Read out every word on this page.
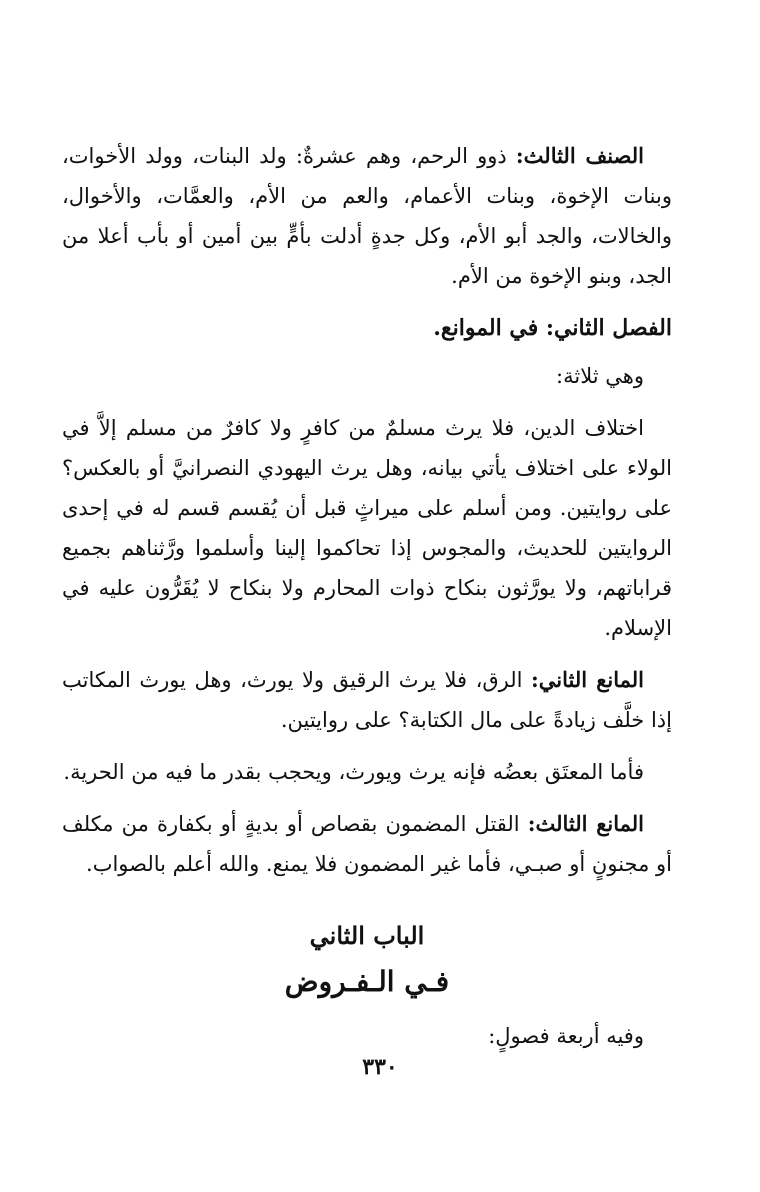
الصنف الثالث: ذوو الرحم، وهم عشرةٌ: ولد البنات، وولد الأخوات، وبنات الإخوة، وبنات الأعمام، والعم من الأم، والعمَّات، والأخوال، والخالات، والجد أبو الأم، وكل جدةٍ أدلت بأمٍّ بين أمين أو بأب أعلا من الجد، وبنو الإخوة من الأم.

الفصل الثاني: في الموانع.

وهي ثلاثة:

اختلاف الدين، فلا يرث مسلمٌ من كافرٍ ولا كافرٌ من مسلم إلاَّ في الولاء على اختلاف يأتي بيانه، وهل يرث اليهودي النصرانيَّ أو بالعكس؟ على روايتين. ومن أسلم على ميراثٍ قبل أن يُقسم قسم له في إحدى الروايتين للحديث، والمجوس إذا تحاكموا إلينا وأسلموا ورَّثناهم بجميع قراباتهم، ولا يورَّثون بنكاح ذوات المحارم ولا بنكاح لا يُقَرُّون عليه في الإسلام.

المانع الثاني: الرق، فلا يرث الرقيق ولا يورث، وهل يورث المكاتب إذا خلَّف زيادةً على مال الكتابة؟ على روايتين.

فأما المعتَق بعضُه فإنه يرث ويورث، ويحجب بقدر ما فيه من الحرية.

المانع الثالث: القتل المضمون بقصاص أو بديةٍ أو بكفارة من مكلف أو مجنونٍ أو صبـي، فأما غير المضمون فلا يمنع. والله أعلم بالصواب.

الباب الثاني

فـي الـفـروض

وفيه أربعة فصولٍ:

٣٣٠
